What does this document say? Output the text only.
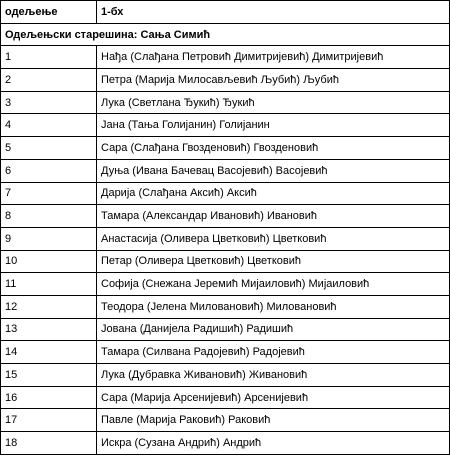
одељење	1-бх
Одељењски старешина: Сања Симић	
1	Нађа (Слађана Петровић Димитријевић) Димитријевић
2	Петра (Марија Милосављевић Љубић) Љубић
3	Лука (Светлана Ђукић) Ђукић
4	Јана (Тања Голијанин) Голијанин
5	Сара (Слађана Гвозденовић) Гвозденовић
6	Дуња (Ивана Бачевац Васојевић) Васојевић
7	Дарија (Слађана Аксић) Аксић
8	Тамара (Александар Ивановић) Ивановић
9	Анастасија (Оливера Цветковић) Цветковић
10	Петар (Оливера Цветковић) Цветковић
11	Софија (Снежана Јеремић Мијаиловић) Мијаиловић
12	Теодора (Јелена Миловановић) Миловановић
13	Јована (Данијела Радишић) Радишић
14	Тамара (Силвана Радојевић) Радојевић
15	Лука (Дубравка Живановић) Живановић
16	Сара (Марија Арсенијевић) Арсенијевић
17	Павле (Марија Раковић) Раковић
18	Искра (Сузана Андрић) Андрић
